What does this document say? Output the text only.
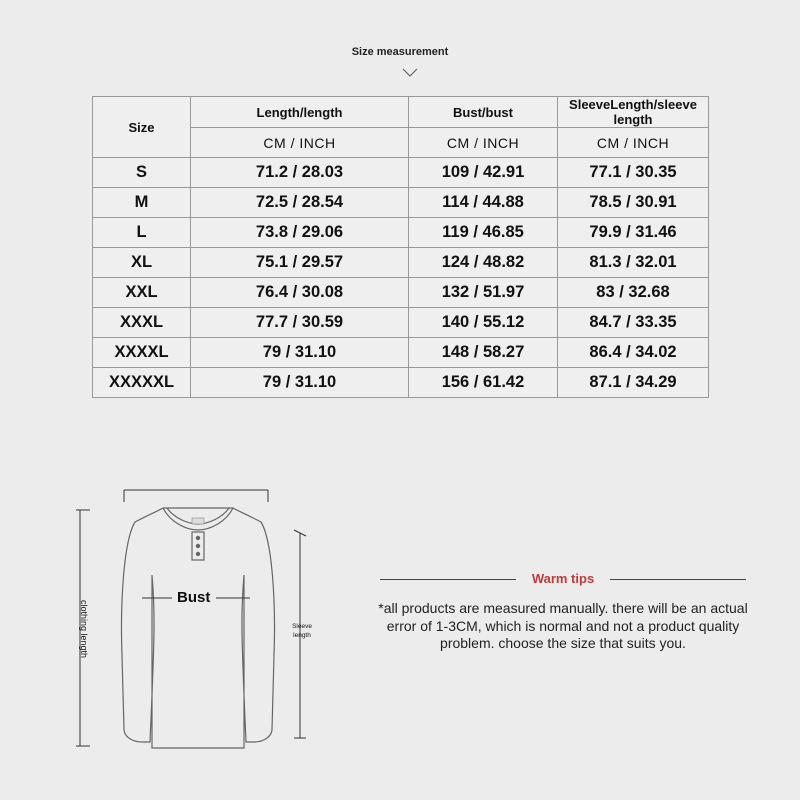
Size measurement
Size	Length/length	Bust/bust	SleeveLength/sleeve length
	CM / INCH	CM / INCH	CM / INCH
S	71.2 / 28.03	109 / 42.91	77.1 / 30.35
M	72.5 / 28.54	114 / 44.88	78.5 / 30.91
L	73.8 / 29.06	119 / 46.85	79.9 / 31.46
XL	75.1 / 29.57	124 / 48.82	81.3 / 32.01
XXL	76.4 / 30.08	132 / 51.97	83 / 32.68
XXXL	77.7 / 30.59	140 / 55.12	84.7 / 33.35
XXXXL	79 / 31.10	148 / 58.27	86.4 / 34.02
XXXXXL	79 / 31.10	156 / 61.42	87.1 / 34.29
Bust
clothing length	Sleeve length
Warm tips
*all products are measured manually. there will be an actual error of 1-3CM, which is normal and not a product quality problem. choose the size that suits you.
